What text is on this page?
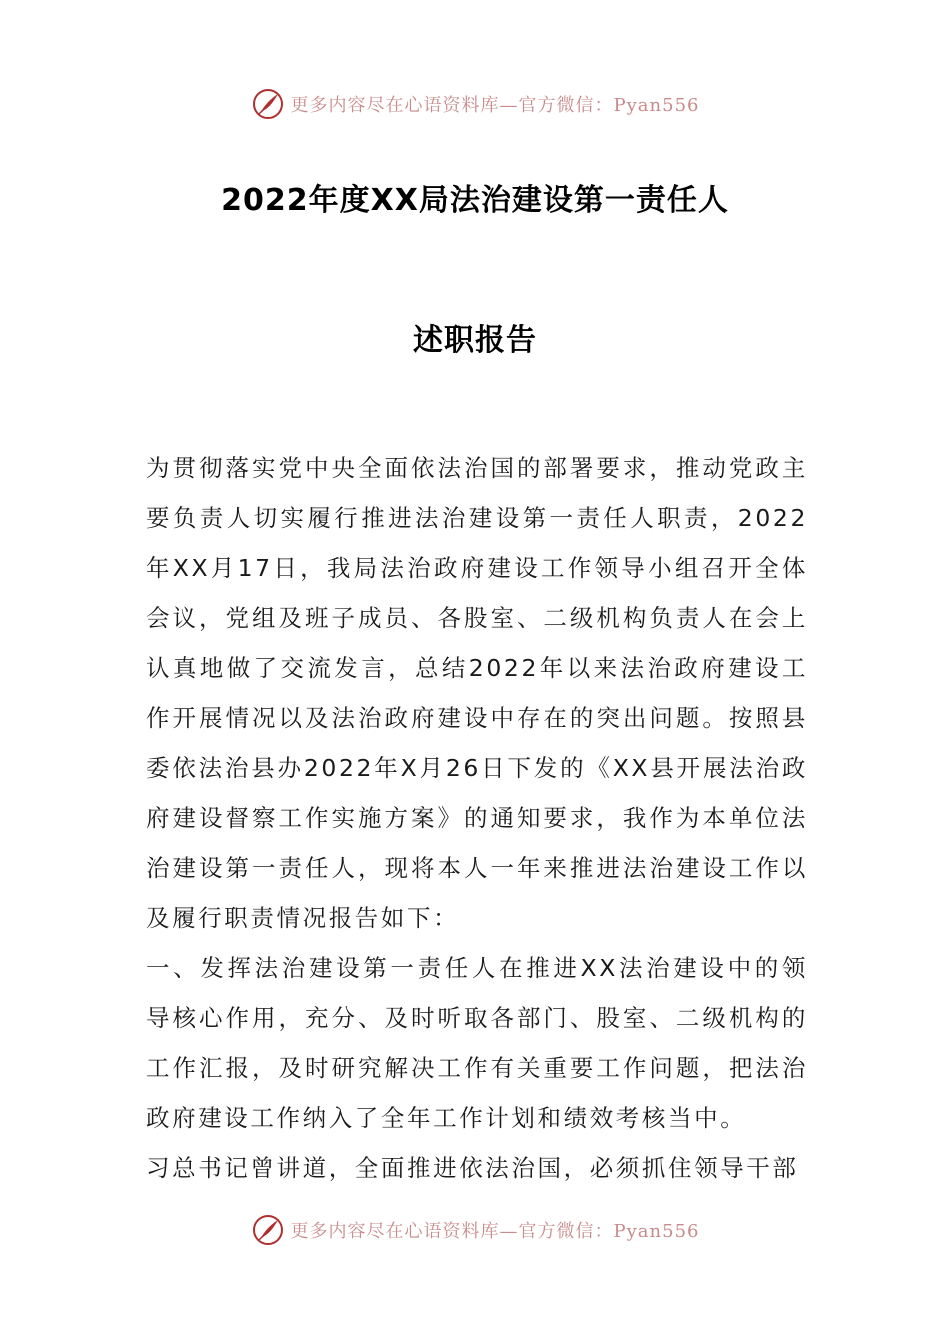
更多内容尽在心语资料库—官方微信：Pyan556
2022年度XX局法治建设第一责任人
述职报告

为贯彻落实党中央全面依法治国的部署要求，推动党政主要负责人切实履行推进法治建设第一责任人职责，2022年XX月17日，我局法治政府建设工作领导小组召开全体会议，党组及班子成员、各股室、二级机构负责人在会上认真地做了交流发言，总结2022年以来法治政府建设工作开展情况以及法治政府建设中存在的突出问题。按照县委依法治县办2022年X月26日下发的《XX县开展法治政府建设督察工作实施方案》的通知要求，我作为本单位法治建设第一责任人，现将本人一年来推进法治建设工作以及履行职责情况报告如下：

一、发挥法治建设第一责任人在推进XX法治建设中的领导核心作用，充分、及时听取各部门、股室、二级机构的工作汇报，及时研究解决工作有关重要工作问题，把法治政府建设工作纳入了全年工作计划和绩效考核当中。

习总书记曾讲道，全面推进依法治国，必须抓住领导干部

更多内容尽在心语资料库—官方微信：Pyan556
